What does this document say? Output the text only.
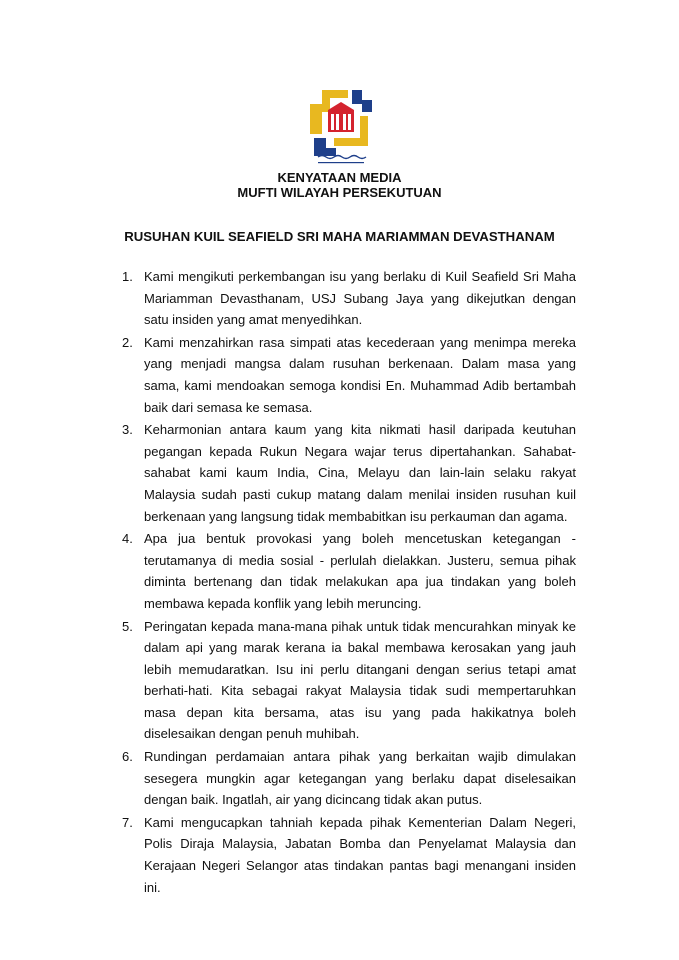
KENYATAAN MEDIA
MUFTI WILAYAH PERSEKUTUAN
RUSUHAN KUIL SEAFIELD SRI MAHA MARIAMMAN DEVASTHANAM
1. Kami mengikuti perkembangan isu yang berlaku di Kuil Seafield Sri Maha Mariamman Devasthanam, USJ Subang Jaya yang dikejutkan dengan satu insiden yang amat menyedihkan.
2. Kami menzahirkan rasa simpati atas kecederaan yang menimpa mereka yang menjadi mangsa dalam rusuhan berkenaan. Dalam masa yang sama, kami mendoakan semoga kondisi En. Muhammad Adib bertambah baik dari semasa ke semasa.
3. Keharmonian antara kaum yang kita nikmati hasil daripada keutuhan pegangan kepada Rukun Negara wajar terus dipertahankan. Sahabat-sahabat kami kaum India, Cina, Melayu dan lain-lain selaku rakyat Malaysia sudah pasti cukup matang dalam menilai insiden rusuhan kuil berkenaan yang langsung tidak membabitkan isu perkauman dan agama.
4. Apa jua bentuk provokasi yang boleh mencetuskan ketegangan - terutamanya di media sosial - perlulah dielakkan. Justeru, semua pihak diminta bertenang dan tidak melakukan apa jua tindakan yang boleh membawa kepada konflik yang lebih meruncing.
5. Peringatan kepada mana-mana pihak untuk tidak mencurahkan minyak ke dalam api yang marak kerana ia bakal membawa kerosakan yang jauh lebih memudaratkan. Isu ini perlu ditangani dengan serius tetapi amat berhati-hati. Kita sebagai rakyat Malaysia tidak sudi mempertaruhkan masa depan kita bersama, atas isu yang pada hakikatnya boleh diselesaikan dengan penuh muhibah.
6. Rundingan perdamaian antara pihak yang berkaitan wajib dimulakan sesegera mungkin agar ketegangan yang berlaku dapat diselesaikan dengan baik. Ingatlah, air yang dicincang tidak akan putus.
7. Kami mengucapkan tahniah kepada pihak Kementerian Dalam Negeri, Polis Diraja Malaysia, Jabatan Bomba dan Penyelamat Malaysia dan Kerajaan Negeri Selangor atas tindakan pantas bagi menangani insiden ini.
